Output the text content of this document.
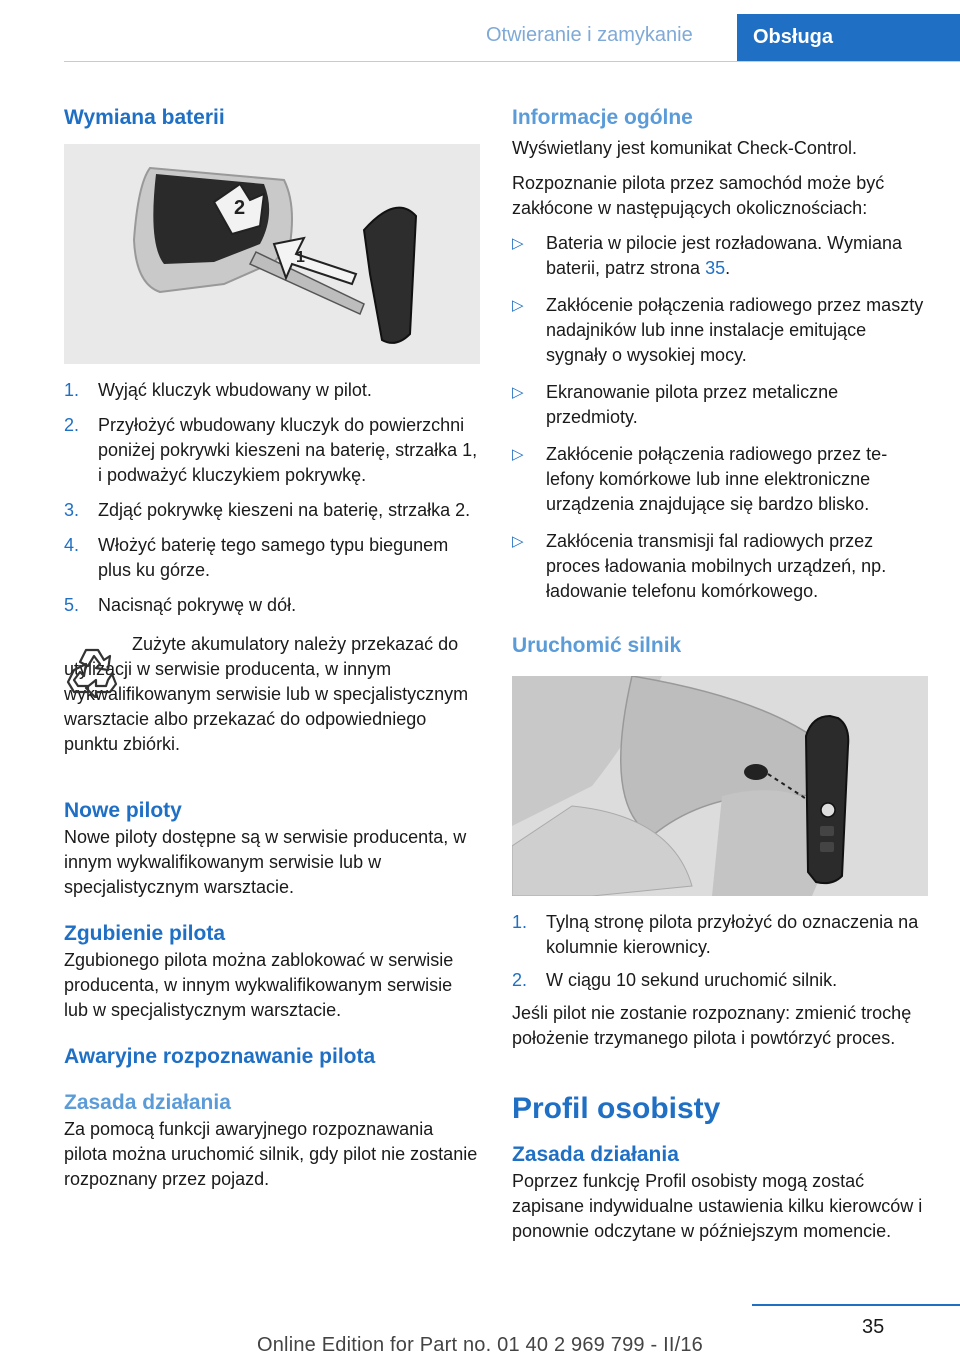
Otwieranie i zamykanie	Obsługa
Wymiana baterii
2
1
1. Wyjąć kluczyk wbudowany w pilot.
2. Przyłożyć wbudowany kluczyk do powierzchni poniżej pokrywki kieszeni na baterię, strzałka 1, i podważyć kluczykiem pokrywkę.
3. Zdjąć pokrywkę kieszeni na baterię, strzałka 2.
4. Włożyć baterię tego samego typu biegunem plus ku górze.
5. Nacisnąć pokrywę w dół.

Zużyte akumulatory należy przekazać do utylizacji w serwisie producenta, w innym wykwalifikowanym serwisie lub w specjalistycznym warsztacie albo przekazać do odpowiedniego punktu zbiórki.

Nowe piloty

Nowe piloty dostępne są w serwisie producenta, w innym wykwalifikowanym serwisie lub w specjalistycznym warsztacie.

Zgubienie pilota

Zgubionego pilota można zablokować w serwisie producenta, w innym wykwalifikowanym serwisie lub w specjalistycznym warsztacie.

Awaryjne rozpoznawanie pilota
Zasada działania

Za pomocą funkcji awaryjnego rozpoznawania pilota można uruchomić silnik, gdy pilot nie zostanie rozpoznany przez pojazd.

Informacje ogólne

Wyświetlany jest komunikat Check-Control.

Rozpoznanie pilota przez samochód może być zakłócone w następujących okolicznościach:

▷ Bateria w pilocie jest rozładowana. Wymiana baterii, patrz strona 35.
▷ Zakłócenie połączenia radiowego przez maszty nadajników lub inne instalacje emitujące sygnały o wysokiej mocy.
▷ Ekranowanie pilota przez metaliczne przedmioty.
▷ Zakłócenie połączenia radiowego przez telefony komórkowe lub inne elektroniczne urządzenia znajdujące się bardzo blisko.
▷ Zakłócenia transmisji fal radiowych przez proces ładowania mobilnych urządzeń, np. ładowanie telefonu komórkowego.
Uruchomić silnik
1. Tylną stronę pilota przyłożyć do oznaczenia na kolumnie kierownicy.
2. W ciągu 10 sekund uruchomić silnik.

Jeśli pilot nie zostanie rozpoznany: zmienić trochę położenie trzymanego pilota i powtórzyć proces.

Profil osobisty
Zasada działania

Poprzez funkcję Profil osobisty mogą zostać zapisane indywidualne ustawienia kilku kierowców i ponownie odczytane w późniejszym momencie.

35
Online Edition for Part no. 01 40 2 969 799 - II/16
